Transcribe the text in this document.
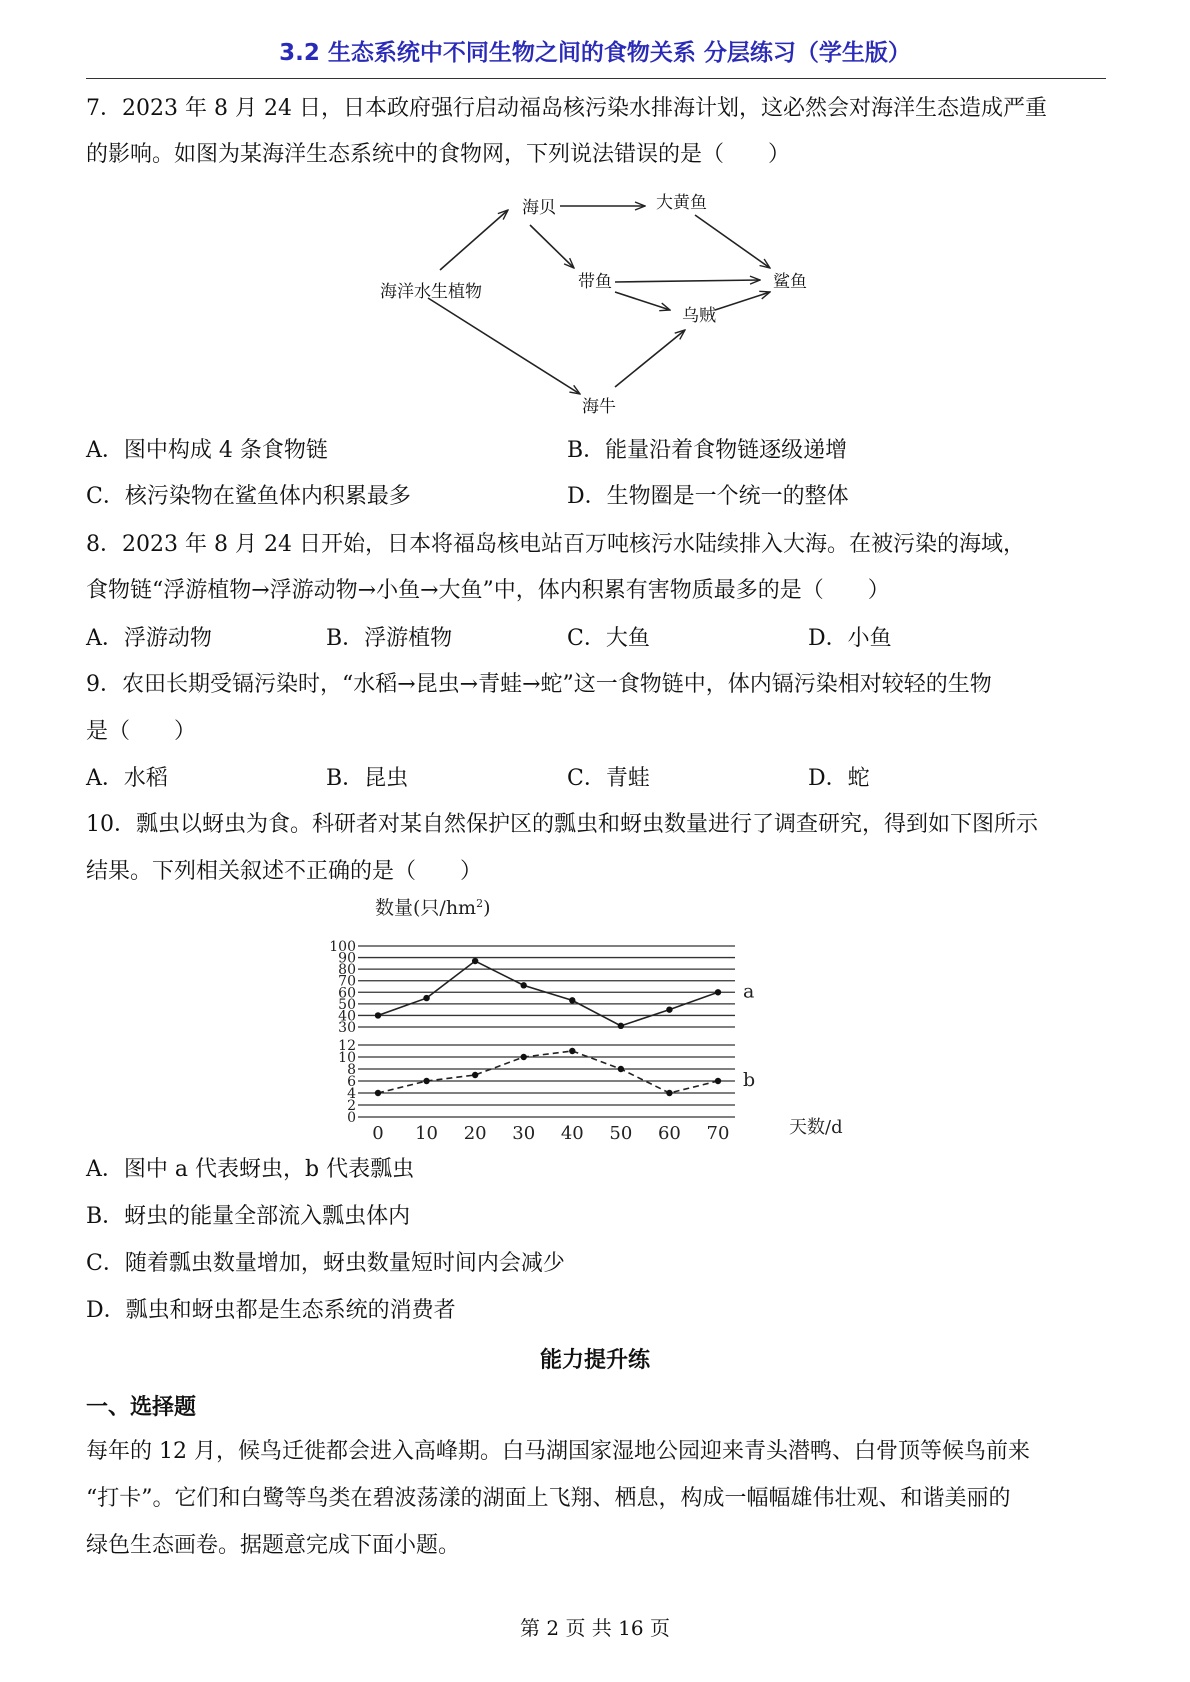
3.2 生态系统中不同生物之间的食物关系 分层练习（学生版）
7．2023 年 8 月 24 日，日本政府强行启动福岛核污染水排海计划，这必然会对海洋生态造成严重
的影响。如图为某海洋生态系统中的食物网，下列说法错误的是（　　）
海洋水生植物
海贝	大黄鱼
带鱼	鲨鱼
乌贼
海牛
A．图中构成 4 条食物链	B．能量沿着食物链逐级递增
C．核污染物在鲨鱼体内积累最多	D．生物圈是一个统一的整体
8．2023 年 8 月 24 日开始，日本将福岛核电站百万吨核污水陆续排入大海。在被污染的海域，
食物链“浮游植物→浮游动物→小鱼→大鱼”中，体内积累有害物质最多的是（　　）
A．浮游动物	B．浮游植物	C．大鱼	D．小鱼
9．农田长期受镉污染时，“水稻→昆虫→青蛙→蛇”这一食物链中，体内镉污染相对较轻的生物
是（　　）
A．水稻	B．昆虫	C．青蛙	D．蛇
10．瓢虫以蚜虫为食。科研者对某自然保护区的瓢虫和蚜虫数量进行了调查研究，得到如下图所示
结果。下列相关叙述不正确的是（　　）
数量(只$/hm^2$)
100
90
80
70
60
50
40
30
12
10
8
6
4
2
0
0 10 20 30 40 50 60 70
a
b
天数/d
A．图中 a 代表蚜虫，b 代表瓢虫
B．蚜虫的能量全部流入瓢虫体内
C．随着瓢虫数量增加，蚜虫数量短时间内会减少
D．瓢虫和蚜虫都是生态系统的消费者
能力提升练
一、选择题
每年的 12 月，候鸟迁徙都会进入高峰期。白马湖国家湿地公园迎来青头潜鸭、白骨顶等候鸟前来
“打卡”。它们和白鹭等鸟类在碧波荡漾的湖面上飞翔、栖息，构成一幅幅雄伟壮观、和谐美丽的
绿色生态画卷。据题意完成下面小题。
第 2 页 共 16 页
